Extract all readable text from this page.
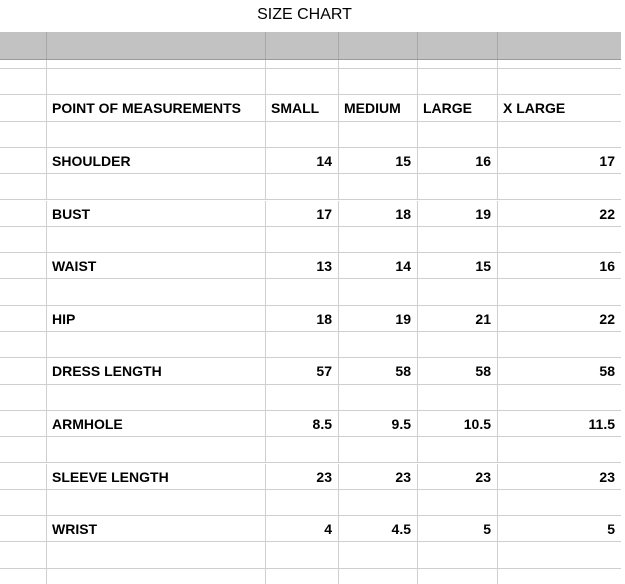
SIZE CHART
POINT OF MEASUREMENTS	SMALL	MEDIUM	LARGE	X LARGE
SHOULDER	14	15	16	17
BUST	17	18	19	22
WAIST	13	14	15	16
HIP	18	19	21	22
DRESS LENGTH	57	58	58	58
ARMHOLE	8.5	9.5	10.5	11.5
SLEEVE LENGTH	23	23	23	23
WRIST	4	4.5	5	5
